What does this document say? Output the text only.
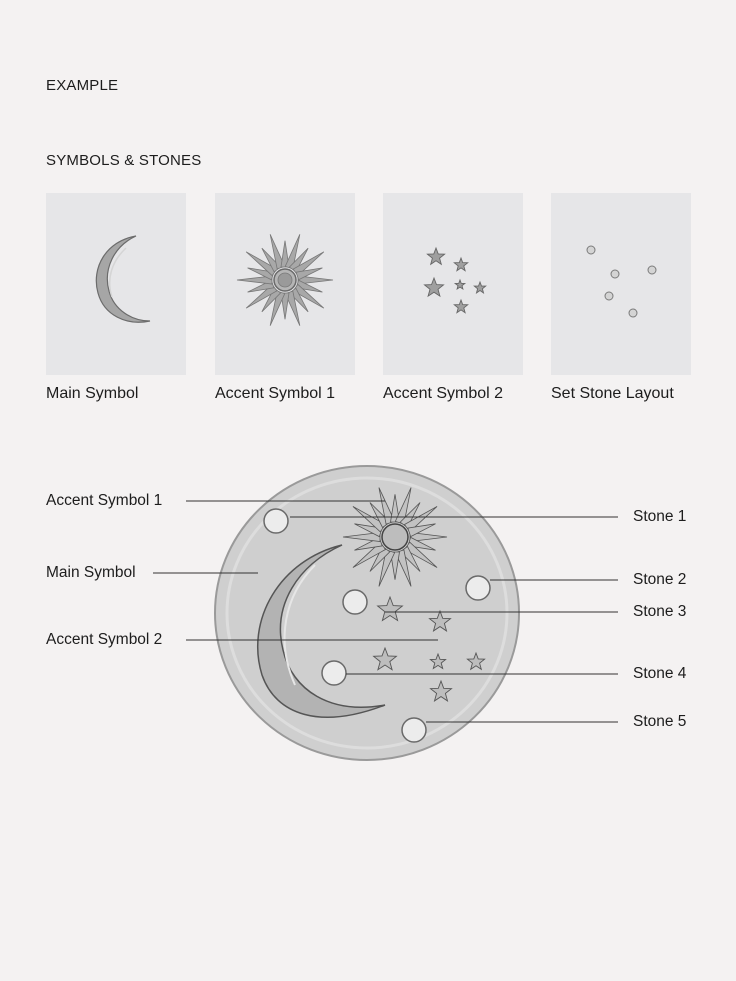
EXAMPLE
SYMBOLS & STONES
Main Symbol	Accent Symbol 1	Accent Symbol 2	Set Stone Layout
Accent Symbol 1
Main Symbol
Accent Symbol 2
Stone 1
Stone 2
Stone 3
Stone 4
Stone 5
